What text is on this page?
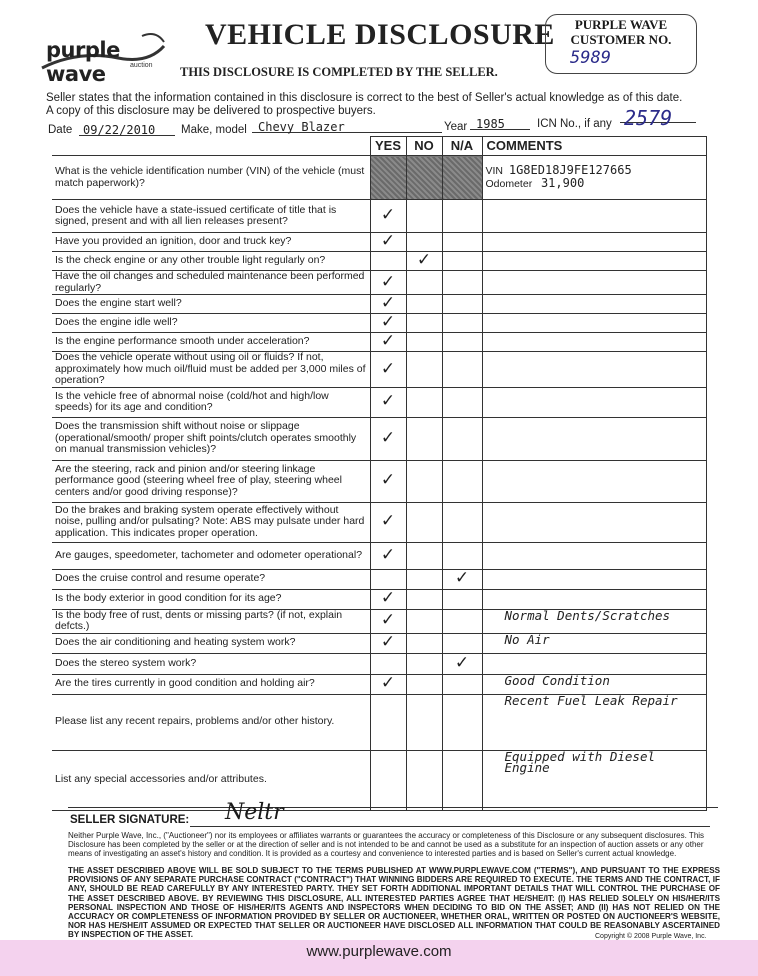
purple wave	auction
VEHICLE DISCLOSURE
THIS DISCLOSURE IS COMPLETED BY THE SELLER.
PURPLE WAVE
CUSTOMER NO.
5989
Seller states that the information contained in this disclosure is correct to the best of Seller's actual knowledge as of this date.
A copy of this disclosure may be delivered to prospective buyers.
Date 09/22/2010	Make, model Chevy Blazer	Year 1985	ICN No., if any 2579
	YES	NO	N/A	COMMENTS
What is the vehicle identification number (VIN) of the vehicle (must match paperwork)?				VIN 1G8ED18J9FE127665
Odometer 31,900

Does the vehicle have a state-issued certificate of title that is signed, present and with all lien releases present?	✓			
Have you provided an ignition, door and truck key?	✓			
Is the check engine or any other trouble light regularly on?		✓		
Have the oil changes and scheduled maintenance been performed regularly?	✓			
Does the engine start well?	✓			
Does the engine idle well?	✓			
Is the engine performance smooth under acceleration?	✓			
Does the vehicle operate without using oil or fluids? If not, approximately how much oil/fluid must be added per 3,000 miles of operation?	✓			
Is the vehicle free of abnormal noise (cold/hot and high/low speeds) for its age and condition?	✓			
Does the transmission shift without noise or slippage (operational/smooth/ proper shift points/clutch operates smoothly on manual transmission vehicles)?	✓			
Are the steering, rack and pinion and/or steering linkage performance good (steering wheel free of play, steering wheel centers and/or good driving response)?	✓			
Do the brakes and braking system operate effectively without noise, pulling and/or pulsating? Note: ABS may pulsate under hard application. This indicates proper operation.	✓			
Are gauges, speedometer, tachometer and odometer operational?	✓			
Does the cruise control and resume operate?			✓	
Is the body exterior in good condition for its age?	✓			
Is the body free of rust, dents or missing parts? (if not, explain defcts.)	✓			Normal Dents/Scratches
Does the air conditioning and heating system work?	✓			No Air
Does the stereo system work?			✓	
Are the tires currently in good condition and holding air?	✓			Good Condition
Please list any recent repairs, problems and/or other history.				Recent Fuel Leak Repair
List any special accessories and/or attributes.				Equipped with Diesel Engine
SELLER SIGNATURE: Neltr
Neither Purple Wave, Inc., ("Auctioneer") nor its employees or affiliates warrants or guarantees the accuracy or completeness of this Disclosure or any subsequent disclosures. This Disclosure has been completed by the seller or at the direction of seller and is not intended to be and cannot be used as a substitute for an inspection of auction assets or any other means of investigating an asset's history and condition. It is provided as a courtesy and convenience to interested parties and is based on Seller's current actual knowledge.
THE ASSET DESCRIBED ABOVE WILL BE SOLD SUBJECT TO THE TERMS PUBLISHED AT WWW.PURPLEWAVE.COM ("TERMS"), AND PURSUANT TO THE EXPRESS PROVISIONS OF ANY SEPARATE PURCHASE CONTRACT ("CONTRACT") THAT WINNING BIDDERS ARE REQUIRED TO EXECUTE. THE TERMS AND THE CONTRACT, IF ANY, SHOULD BE READ CAREFULLY BY ANY INTERESTED PARTY. THEY SET FORTH ADDITIONAL IMPORTANT DETAILS THAT WILL CONTROL THE PURCHASE OF THE ASSET DESCRIBED ABOVE. BY REVIEWING THIS DISCLOSURE, ALL INTERESTED PARTIES AGREE THAT HE/SHE/IT: (I) HAS RELIED SOLELY ON HIS/HER/ITS PERSONAL INSPECTION AND THOSE OF HIS/HER/ITS AGENTS AND INSPECTORS WHEN DECIDING TO BID ON THE ASSET; AND (II) HAS NOT RELIED ON THE ACCURACY OR COMPLETENESS OF INFORMATION PROVIDED BY SELLER OR AUCTIONEER, WHETHER ORAL, WRITTEN OR POSTED ON AUCTIONEER'S WEBSITE, NOR HAS HE/SHE/IT ASSUMED OR EXPECTED THAT SELLER OR AUCTIONEER HAVE DISCLOSED ALL INFORMATION THAT COULD BE REASONABLY ASCERTAINED BY INSPECTION OF THE ASSET.	Copyright © 2008 Purple Wave, Inc.
www.purplewave.com
